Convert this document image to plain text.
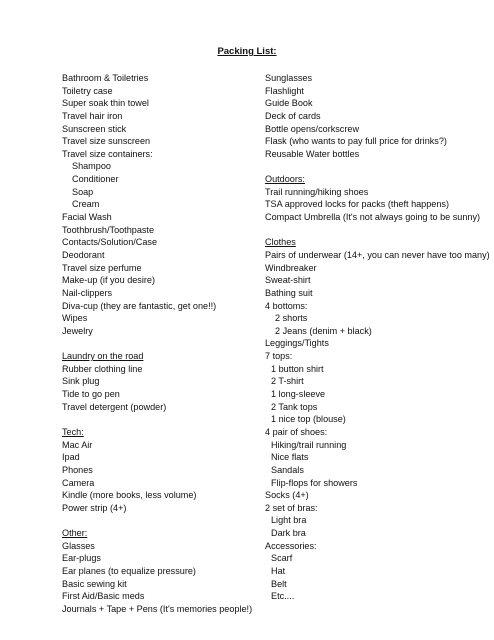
Packing List:
Bathroom & Toiletries
Toiletry case
Super soak thin towel
Travel hair iron
Sunscreen stick
Travel size sunscreen
Travel size containers:
Shampoo
Conditioner
Soap
Cream
Facial Wash
Toothbrush/Toothpaste
Contacts/Solution/Case
Deodorant
Travel size perfume
Make-up (if you desire)
Nail-clippers
Diva-cup (they are fantastic, get one!!)
Wipes
Jewelry
Laundry on the road
Rubber clothing line
Sink plug
Tide to go pen
Travel detergent (powder)
Tech:
Mac Air
Ipad
Phones
Camera
Kindle (more books, less volume)
Power strip (4+)
Other:
Glasses
Ear-plugs
Ear planes (to equalize pressure)
Basic sewing kit
First Aid/Basic meds
Journals + Tape + Pens (It's memories people!)
Sunglasses
Flashlight
Guide Book
Deck of cards
Bottle opens/corkscrew
Flask (who wants to pay full price for drinks?)
Reusable Water bottles
Outdoors:
Trail running/hiking shoes
TSA approved locks for packs (theft happens)
Compact Umbrella (It's not always going to be sunny)
Clothes
Pairs of underwear (14+, you can never have too many)
Windbreaker
Sweat-shirt
Bathing suit
4 bottoms:
2 shorts
2 Jeans (denim + black)
Leggings/Tights
7 tops:
1 button shirt
2 T-shirt
1 long-sleeve
2 Tank tops
1 nice top (blouse)
4 pair of shoes:
Hiking/trail running
Nice flats
Sandals
Flip-flops for showers
Socks (4+)
2 set of bras:
Light bra
Dark bra
Accessories:
Scarf
Hat
Belt
Etc....
